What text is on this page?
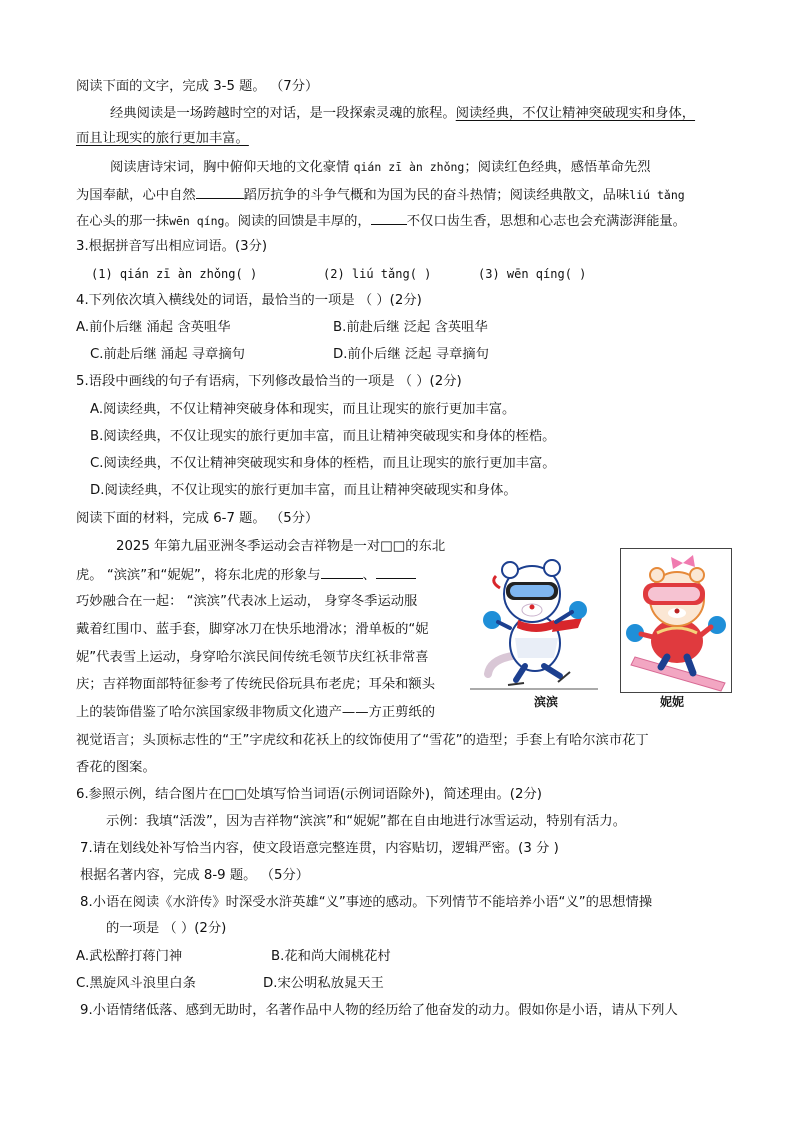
阅读下面的文字，完成 3-5 题。 （7分）
经典阅读是一场跨越时空的对话，是一段探索灵魂的旅程。阅读经典，不仅让精神突破现实和身体，
而且让现实的旅行更加丰富。
阅读唐诗宋词，胸中俯仰天地的文化豪情 qián zī àn zhǒng；阅读红色经典，感悟革命先烈
为国奉献，心中自然	蹈厉抗争的斗争气概和为国为民的奋斗热情；阅读经典散文，品味liú tǎng
在心头的那一抹wēn qíng。阅读的回馈是丰厚的，	不仅口齿生香，思想和心志也会充满澎湃能量。
3.根据拼音写出相应词语。(3分)
(1) qián zī àn zhǒng( )	(2) liú tǎng( )	(3) wēn qíng( )
4.下列依次填入横线处的词语，最恰当的一项是 （ ）(2分)
A.前仆后继 涌起 含英咀华	B.前赴后继 泛起 含英咀华
C.前赴后继 涌起 寻章摘句	D.前仆后继 泛起 寻章摘句
5.语段中画线的句子有语病，下列修改最恰当的一项是 （ ）(2分)
A.阅读经典，不仅让精神突破身体和现实，而且让现实的旅行更加丰富。
B.阅读经典，不仅让现实的旅行更加丰富，而且让精神突破现实和身体的桎梏。
C.阅读经典，不仅让精神突破现实和身体的桎梏，而且让现实的旅行更加丰富。
D.阅读经典，不仅让现实的旅行更加丰富，而且让精神突破现实和身体。
阅读下面的材料，完成 6-7 题。 （5分）
2025 年第九届亚洲冬季运动会吉祥物是一对□□的东北
虎。 “滨滨”和“妮妮”，将东北虎的形象与	、
巧妙融合在一起： “滨滨”代表冰上运动， 身穿冬季运动服
戴着红围巾、蓝手套，脚穿冰刀在快乐地滑冰；滑单板的“妮
妮”代表雪上运动，身穿哈尔滨民间传统毛领节庆红袄非常喜
庆；吉祥物面部特征参考了传统民俗玩具布老虎；耳朵和额头
上的装饰借鉴了哈尔滨国家级非物质文化遗产——方正剪纸的
视觉语言；头顶标志性的“王”字虎纹和花袄上的纹饰使用了“雪花”的造型；手套上有哈尔滨市花丁
香花的图案。
滨滨	妮妮
6.参照示例，结合图片在□□处填写恰当词语(示例词语除外)，简述理由。(2分)
示例：我填“活泼”，因为吉祥物“滨滨”和“妮妮”都在自由地进行冰雪运动，特别有活力。
7.请在划线处补写恰当内容，使文段语意完整连贯，内容贴切，逻辑严密。(3 分 )
根据名著内容，完成 8-9 题。 （5分）
8.小语在阅读《水浒传》时深受水浒英雄“义”事迹的感动。下列情节不能培养小语“义”的思想情操
的一项是 （ ）(2分)
A.武松醉打蒋门神	B.花和尚大闹桃花村
C.黑旋风斗浪里白条	D.宋公明私放晁天王
9.小语情绪低落、感到无助时，名著作品中人物的经历给了他奋发的动力。假如你是小语，请从下列人
